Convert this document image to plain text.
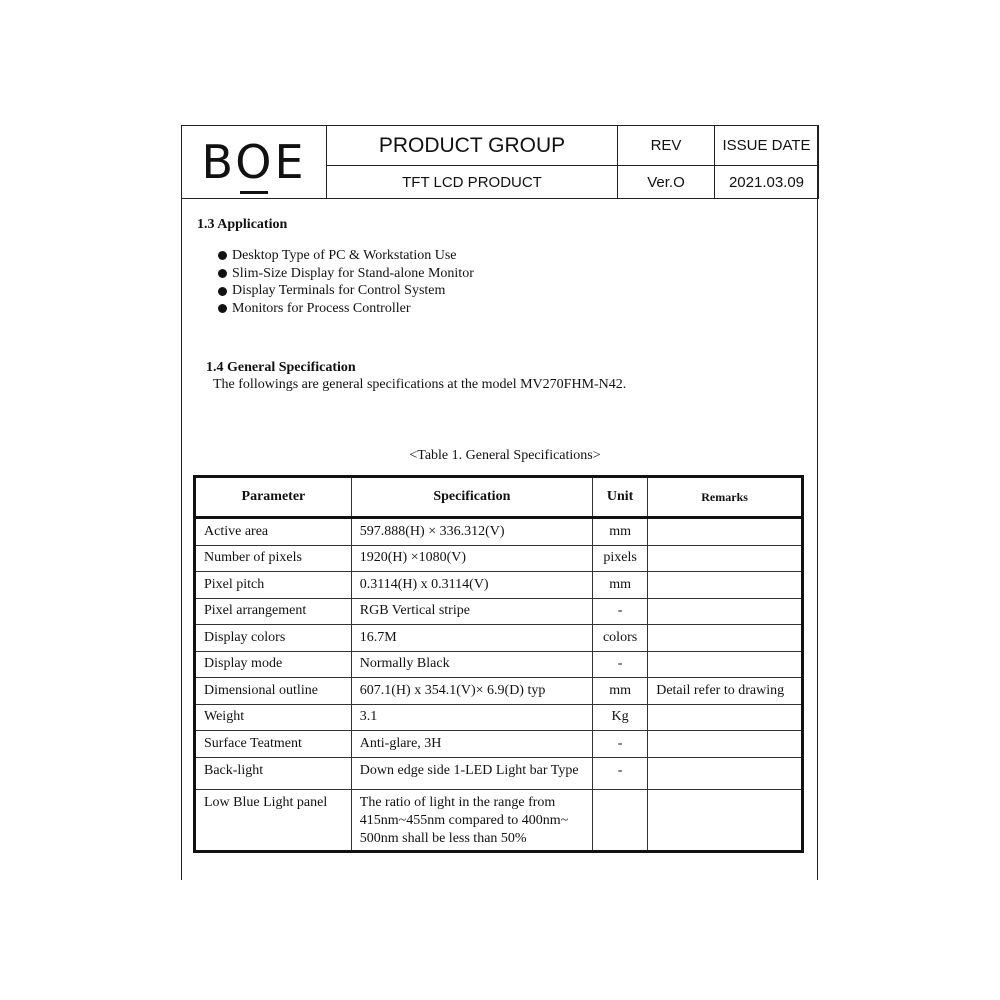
BOE	PRODUCT GROUP	REV	ISSUE DATE
	TFT LCD PRODUCT	Ver.O	2021.03.09
1.3 Application
Desktop Type of PC & Workstation Use
Slim-Size Display for Stand-alone Monitor
Display Terminals for Control System
Monitors for Process Controller
1.4 General Specification
The followings are general specifications at the model MV270FHM-N42.
<Table 1. General Specifications>
Parameter	Specification	Unit	Remarks
Active area	597.888(H) × 336.312(V)	mm	
Number of pixels	1920(H) ×1080(V)	pixels	
Pixel pitch	0.3114(H) x 0.3114(V)	mm	
Pixel arrangement	RGB Vertical stripe	-	
Display colors	16.7M	colors	
Display mode	Normally Black	-	
Dimensional outline	607.1(H) x 354.1(V)× 6.9(D) typ	mm	Detail refer to drawing
Weight	3.1	Kg	
Surface Teatment	Anti-glare, 3H	-	
Back-light	Down edge side 1-LED Light bar Type	-	
Low Blue Light panel	The ratio of light in the range from 415nm~455nm compared to 400nm~ 500nm shall be less than 50%		
